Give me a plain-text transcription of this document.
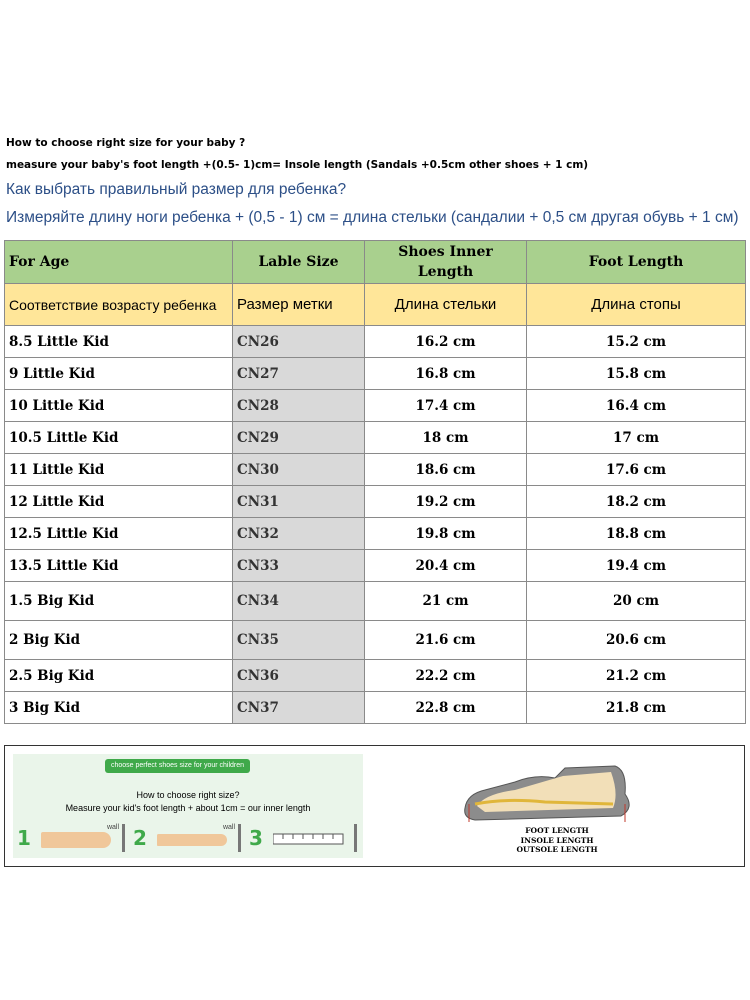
How to choose right size for your baby ?
measure your baby's foot length +(0.5- 1)cm= Insole length (Sandals +0.5cm other shoes + 1 cm)
Как выбрать правильный размер для ребенка?
Измеряйте длину ноги ребенка + (0,5 - 1) см = длина стельки (сандалии + 0,5 см другая обувь + 1 см)
For Age	Lable Size	Shoes Inner Length	Foot Length
Соответствие возрасту ребенка	Размер метки	Длина стельки	Длина стопы
8.5 Little Kid	CN26	16.2 cm	15.2 cm
9 Little Kid	CN27	16.8 cm	15.8 cm
10 Little Kid	CN28	17.4 cm	16.4 cm
10.5 Little Kid	CN29	18 cm	17 cm
11 Little Kid	CN30	18.6 cm	17.6 cm
12 Little Kid	CN31	19.2 cm	18.2 cm
12.5 Little Kid	CN32	19.8 cm	18.8 cm
13.5 Little Kid	CN33	20.4 cm	19.4 cm
1.5 Big Kid	CN34	21 cm	20 cm
2 Big Kid	CN35	21.6 cm	20.6 cm
2.5 Big Kid	CN36	22.2 cm	21.2 cm
3 Big Kid	CN37	22.8 cm	21.8 cm
choose perfect shoes size for your children
How to choose right size?
Measure your kid's foot length + about 1cm = our inner length
1	wall 2	wall 3	FOOT LENGTH
INSOLE LENGTH
OUTSOLE LENGTH
